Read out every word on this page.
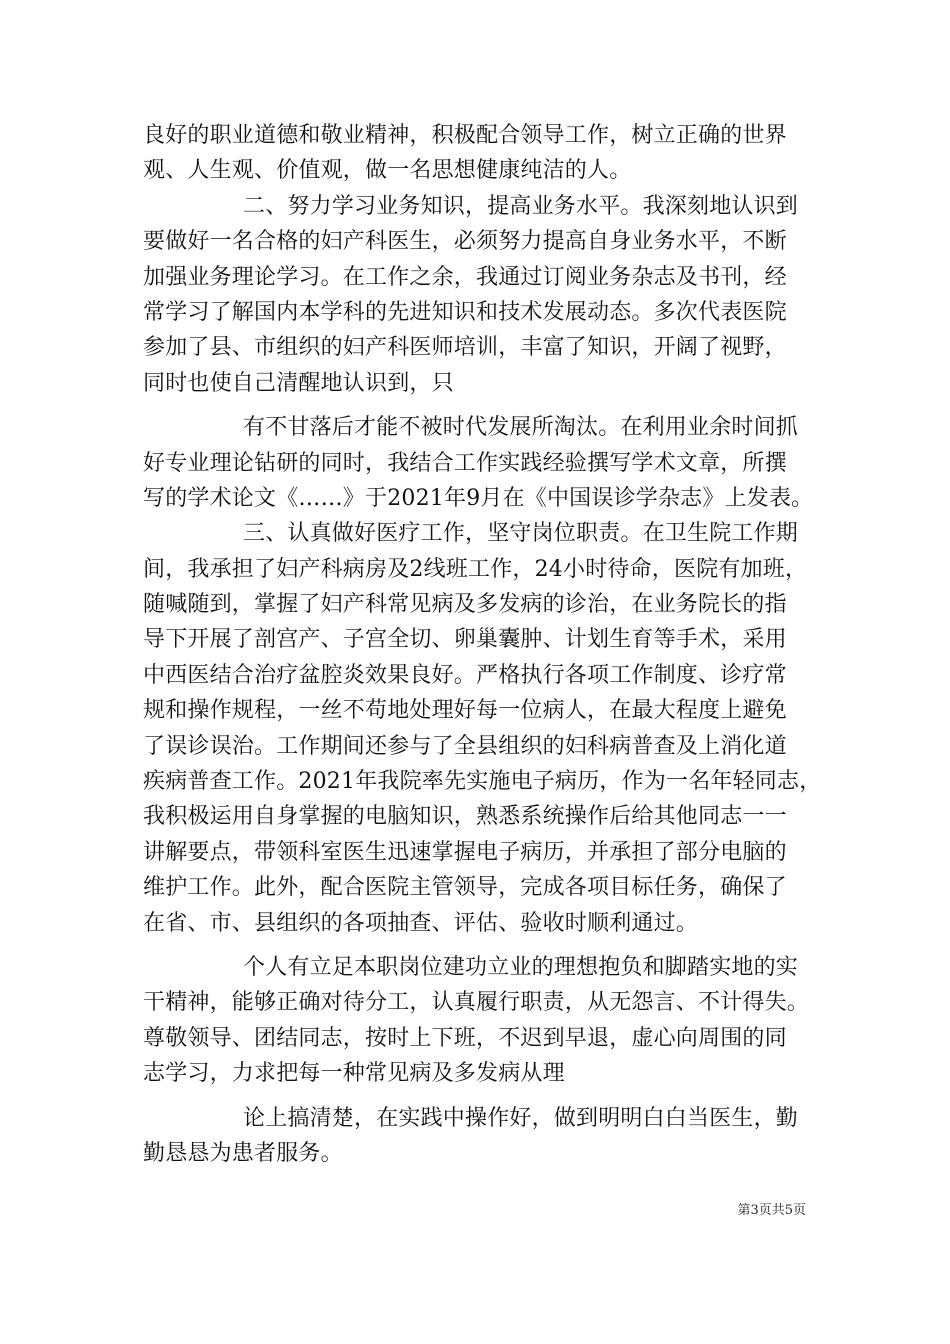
良好的职业道德和敬业精神，积极配合领导工作，树立正确的世界
观、人生观、价值观，做一名思想健康纯洁的人。
二、努力学习业务知识，提高业务水平。我深刻地认识到
要做好一名合格的妇产科医生，必须努力提高自身业务水平，不断
加强业务理论学习。在工作之余，我通过订阅业务杂志及书刊，经
常学习了解国内本学科的先进知识和技术发展动态。多次代表医院
参加了县、市组织的妇产科医师培训，丰富了知识，开阔了视野，
同时也使自己清醒地认识到，只
有不甘落后才能不被时代发展所淘汰。在利用业余时间抓
好专业理论钻研的同时，我结合工作实践经验撰写学术文章，所撰
写的学术论文《……》于2021年9月在《中国误诊学杂志》上发表。
三、认真做好医疗工作，坚守岗位职责。在卫生院工作期
间，我承担了妇产科病房及2线班工作，24小时待命，医院有加班，
随喊随到，掌握了妇产科常见病及多发病的诊治，在业务院长的指
导下开展了剖宫产、子宫全切、卵巢囊肿、计划生育等手术，采用
中西医结合治疗盆腔炎效果良好。严格执行各项工作制度、诊疗常
规和操作规程，一丝不苟地处理好每一位病人，在最大程度上避免
了误诊误治。工作期间还参与了全县组织的妇科病普查及上消化道
疾病普查工作。2021年我院率先实施电子病历，作为一名年轻同志，
我积极运用自身掌握的电脑知识，熟悉系统操作后给其他同志一一
讲解要点，带领科室医生迅速掌握电子病历，并承担了部分电脑的
维护工作。此外，配合医院主管领导，完成各项目标任务，确保了
在省、市、县组织的各项抽查、评估、验收时顺利通过。
个人有立足本职岗位建功立业的理想抱负和脚踏实地的实
干精神，能够正确对待分工，认真履行职责，从无怨言、不计得失。
尊敬领导、团结同志，按时上下班，不迟到早退，虚心向周围的同
志学习，力求把每一种常见病及多发病从理
论上搞清楚，在实践中操作好，做到明明白白当医生，勤
勤恳恳为患者服务。
第3页共5页
